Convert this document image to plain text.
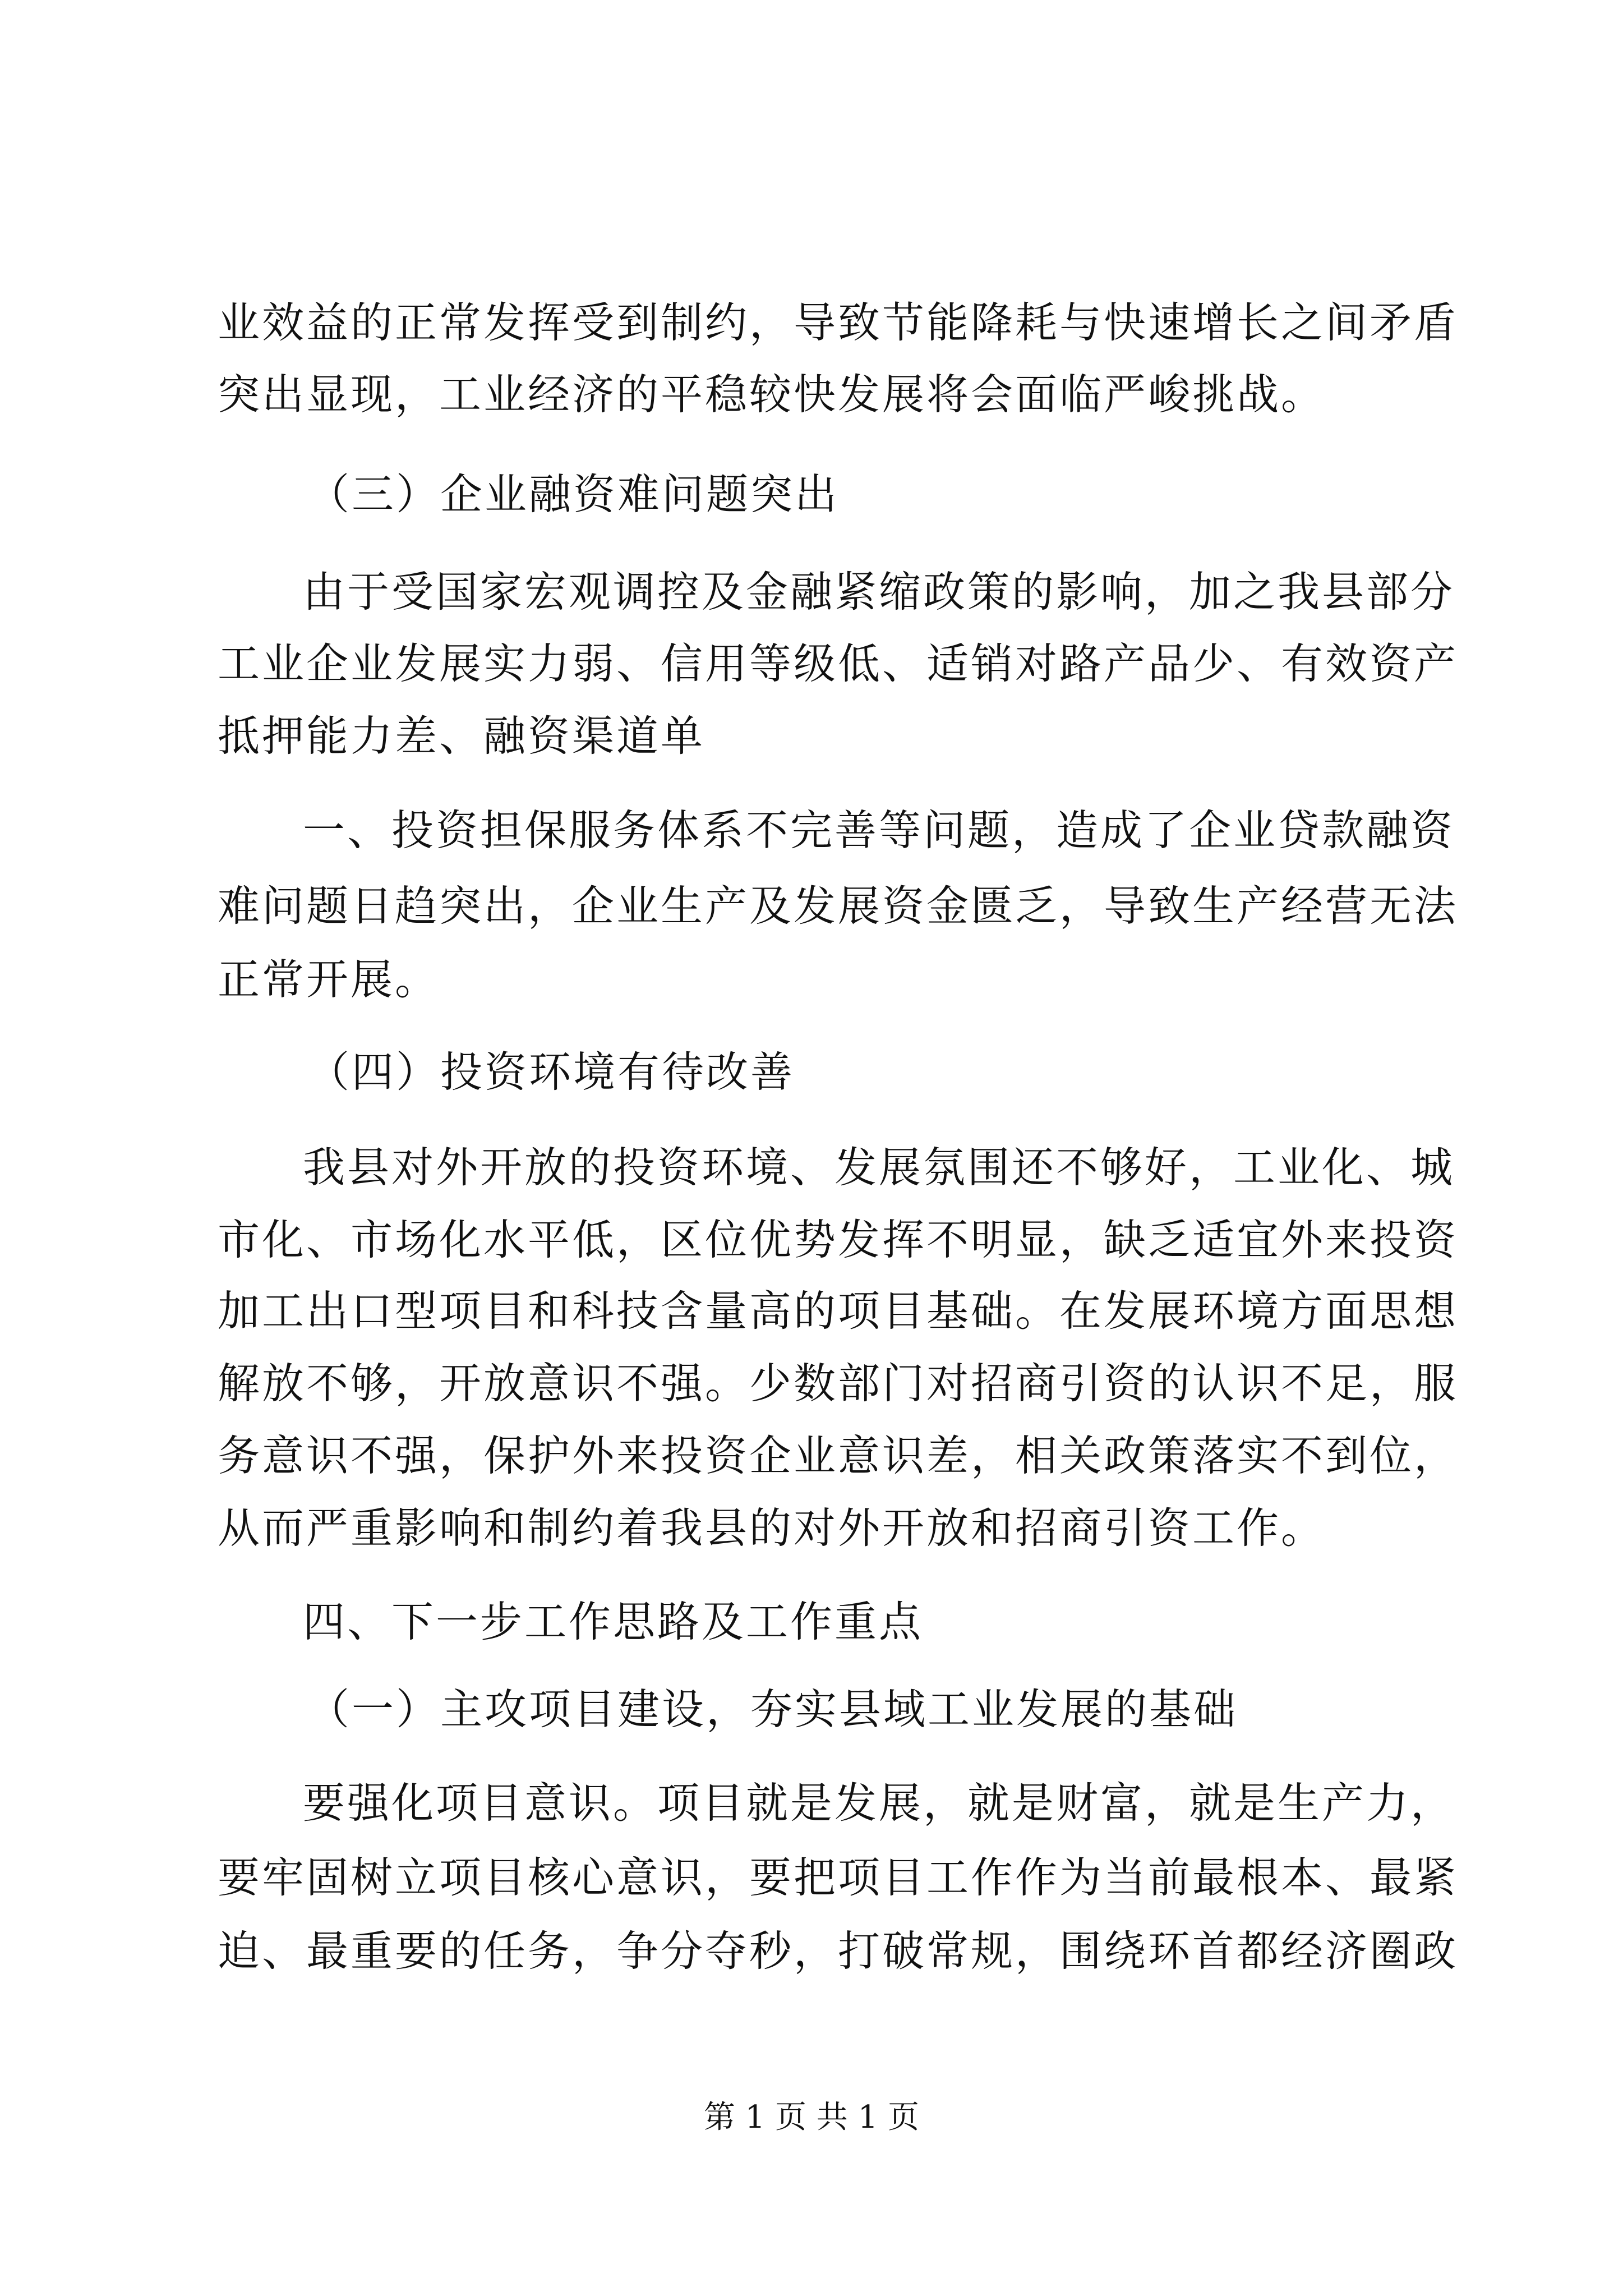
业效益的正常发挥受到制约，导致节能降耗与快速增长之间矛盾
突出显现，工业经济的平稳较快发展将会面临严峻挑战。
（三）企业融资难问题突出
由于受国家宏观调控及金融紧缩政策的影响，加之我县部分
工业企业发展实力弱、信用等级低、适销对路产品少、有效资产
抵押能力差、融资渠道单
一、投资担保服务体系不完善等问题，造成了企业贷款融资
难问题日趋突出，企业生产及发展资金匮乏，导致生产经营无法
正常开展。
（四）投资环境有待改善
我县对外开放的投资环境、发展氛围还不够好，工业化、城
市化、市场化水平低，区位优势发挥不明显，缺乏适宜外来投资
加工出口型项目和科技含量高的项目基础。在发展环境方面思想
解放不够，开放意识不强。少数部门对招商引资的认识不足，服
务意识不强，保护外来投资企业意识差，相关政策落实不到位，
从而严重影响和制约着我县的对外开放和招商引资工作。
四、下一步工作思路及工作重点
（一）主攻项目建设，夯实县域工业发展的基础
要强化项目意识。项目就是发展，就是财富，就是生产力，
要牢固树立项目核心意识，要把项目工作作为当前最根本、最紧
迫、最重要的任务，争分夺秒，打破常规，围绕环首都经济圈政
第 1 页 共 1 页
